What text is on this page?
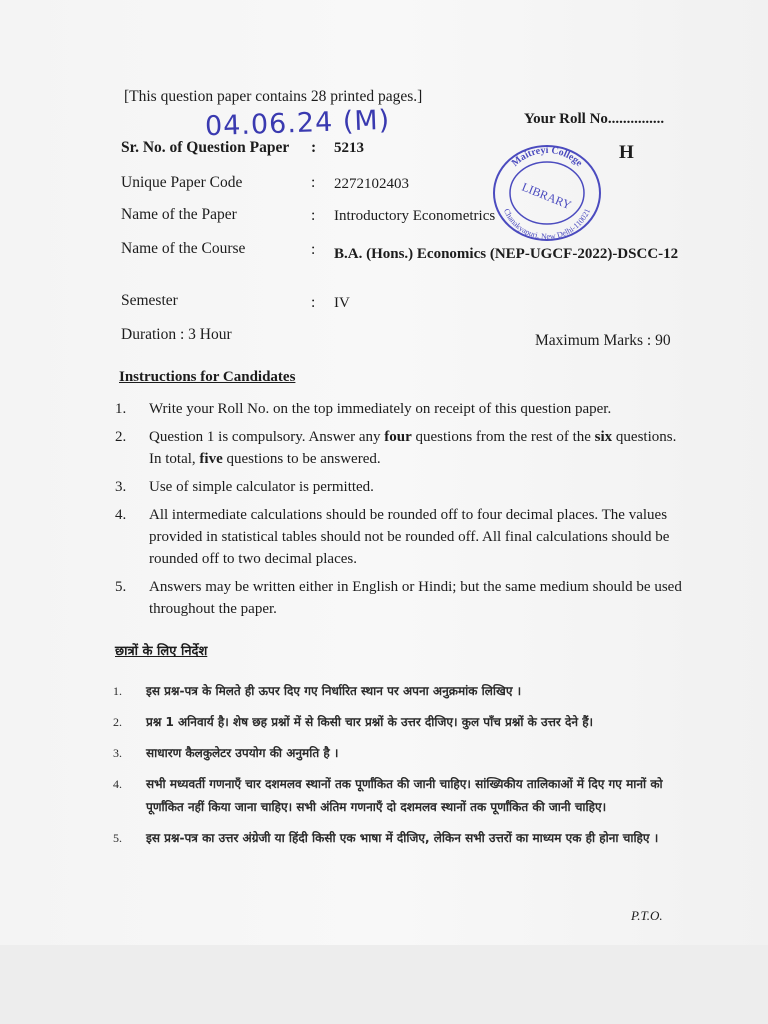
[This question paper contains 28 printed pages.]
04.06.24 (M)	Your Roll No...............
H
Sr. No. of Question Paper : 5213
Unique Paper Code	: 2272102403
Name of the Paper	: Introductory Econometrics
Name of the Course	: B.A. (Hons.) Economics (NEP-UGCF-2022)-DSCC-12
Semester	: IV
Duration : 3 Hour	Maximum Marks : 90
Maitreyi College
LIBRARY
Chanakyapuri, New Delhi-110021
Instructions for Candidates
1.	Write your Roll No. on the top immediately on receipt of this question paper.
2.	Question 1 is compulsory. Answer any four questions from the rest of the six questions. In total, five questions to be answered.
3.	Use of simple calculator is permitted.
4.	All intermediate calculations should be rounded off to four decimal places. The values provided in statistical tables should not be rounded off. All final calculations should be rounded off to two decimal places.
5.	Answers may be written either in English or Hindi; but the same medium should be used throughout the paper.
छात्रों के लिए निर्देश
1.	इस प्रश्न-पत्र के मिलते ही ऊपर दिए गए निर्धारित स्थान पर अपना अनुक्रमांक लिखिए ।
2.	प्रश्न 1 अनिवार्य है। शेष छह प्रश्नों में से किसी चार प्रश्नों के उत्तर दीजिए। कुल पाँच प्रश्नों के उत्तर देने हैं।
3.	साधारण कैलकुलेटर उपयोग की अनुमति है ।
4.	सभी मध्यवर्ती गणनाएँ चार दशमलव स्थानों तक पूर्णांकित की जानी चाहिए। सांख्यिकीय तालिकाओं में दिए गए मानों को पूर्णांकित नहीं किया जाना चाहिए। सभी अंतिम गणनाएँ दो दशमलव स्थानों तक पूर्णांकित की जानी चाहिए।
5.	इस प्रश्न-पत्र का उत्तर अंग्रेजी या हिंदी किसी एक भाषा में दीजिए, लेकिन सभी उत्तरों का माध्यम एक ही होना चाहिए ।
P.T.O.
